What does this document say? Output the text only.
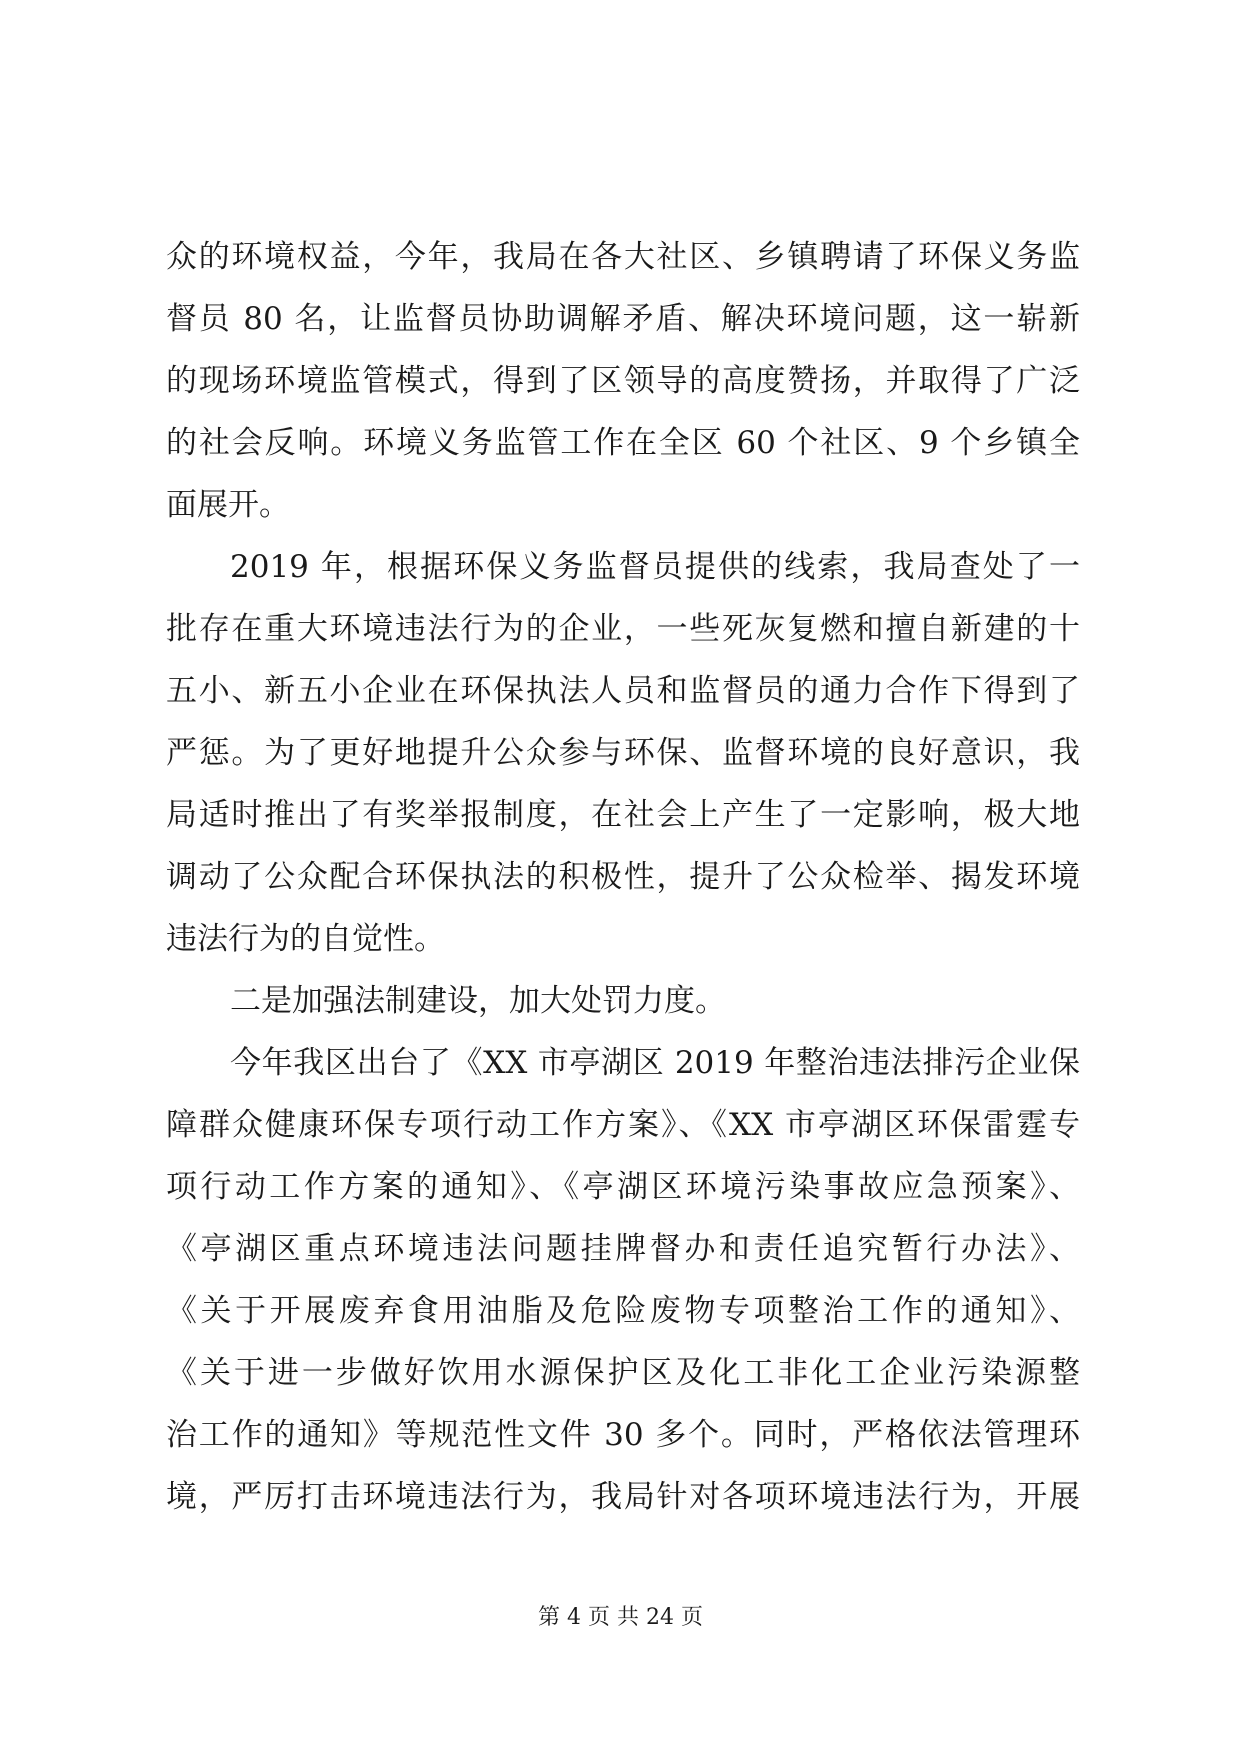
众的环境权益，今年，我局在各大社区、乡镇聘请了环保义务监
督员 80 名，让监督员协助调解矛盾、解决环境问题，这一崭新
的现场环境监管模式，得到了区领导的高度赞扬，并取得了广泛
的社会反响。环境义务监管工作在全区 60 个社区、9 个乡镇全
面展开。
2019 年，根据环保义务监督员提供的线索，我局查处了一
批存在重大环境违法行为的企业，一些死灰复燃和擅自新建的十
五小、新五小企业在环保执法人员和监督员的通力合作下得到了
严惩。为了更好地提升公众参与环保、监督环境的良好意识，我
局适时推出了有奖举报制度，在社会上产生了一定影响，极大地
调动了公众配合环保执法的积极性，提升了公众检举、揭发环境
违法行为的自觉性。
二是加强法制建设，加大处罚力度。
今年我区出台了《XX 市亭湖区 2019 年整治违法排污企业保
障群众健康环保专项行动工作方案》、《XX 市亭湖区环保雷霆专
项行动工作方案的通知》、《亭湖区环境污染事故应急预案》、
《亭湖区重点环境违法问题挂牌督办和责任追究暂行办法》、
《关于开展废弃食用油脂及危险废物专项整治工作的通知》、
《关于进一步做好饮用水源保护区及化工非化工企业污染源整
治工作的通知》等规范性文件 30 多个。同时，严格依法管理环
境，严厉打击环境违法行为，我局针对各项环境违法行为，开展
第 4 页 共 24 页
